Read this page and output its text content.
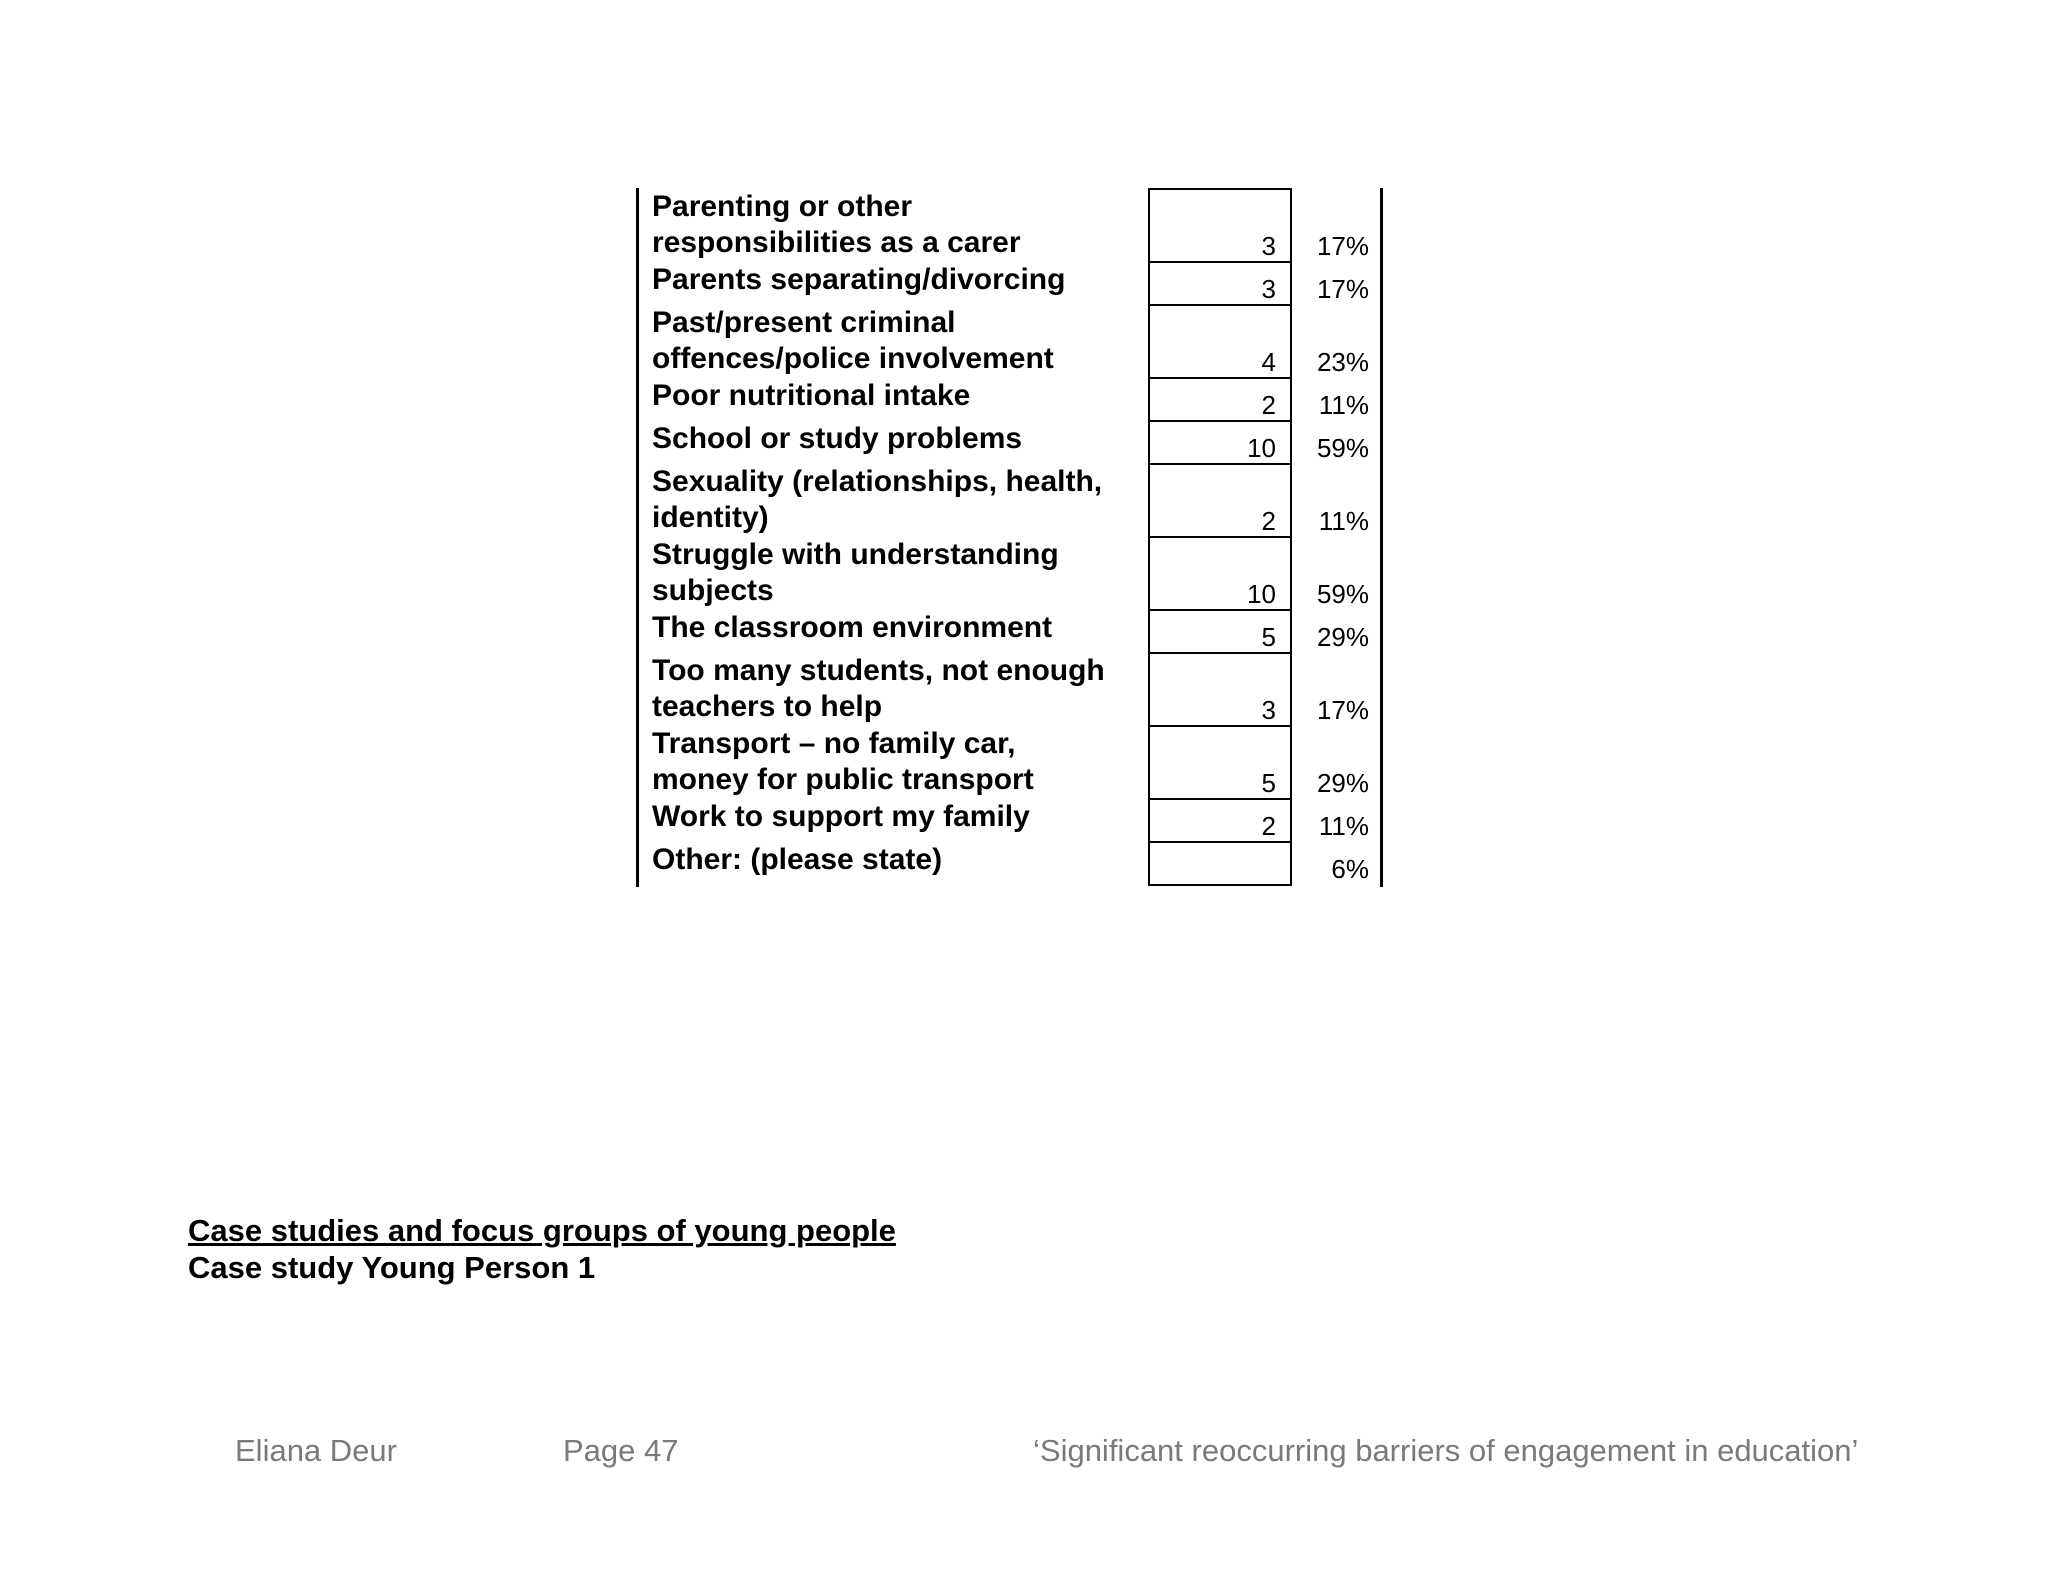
Parenting or other
responsibilities as a carer	3 17%
Parents separating/divorcing	3 17%
Past/present criminal
offences/police involvement	4 23%
Poor nutritional intake	2 11%
School or study problems	10 59%
Sexuality (relationships, health,
identity)	2 11%
Struggle with understanding
subjects	10 59%
The classroom environment	5 29%
Too many students, not enough
teachers to help	3 17%
Transport – no family car,
money for public transport	5 29%
Work to support my family	2 11%
Other: (please state)	6%
Case studies and focus groups of young people
Case study Young Person 1
Eliana Deur	Page 47	‘Significant reoccurring barriers of engagement in education’
